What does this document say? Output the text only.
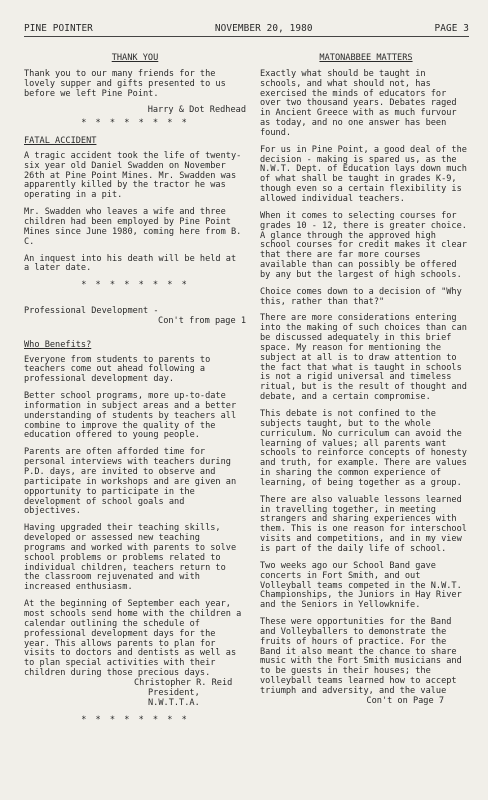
PINE POINTER	NOVEMBER 20, 1980	PAGE 3
THANK YOU

Thank you to our many friends for the lovely supper and gifts presented to us before we left Pine Point.

Harry & Dot Redhead

* * * * * * * *
FATAL ACCIDENT

A tragic accident took the life of twenty-six year old Daniel Swadden on November 26th at Pine Point Mines. Mr. Swadden was apparently killed by the tractor he was operating in a pit.

Mr. Swadden who leaves a wife and three children had been employed by Pine Point Mines since June 1980, coming here from B. C.

An inquest into his death will be held at a later date.

* * * * * * * *

Professional Development -

Con't from page 1

Who Benefits?

Everyone from students to parents to teachers come out ahead following a professional development day.

Better school programs, more up-to-date information in subject areas and a better understanding of students by teachers all combine to improve the quality of the education offered to young people.

Parents are often afforded time for personal interviews with teachers during P.D. days, are invited to observe and participate in workshops and are given an opportunity to participate in the development of school goals and objectives.

Having upgraded their teaching skills, developed or assessed new teaching programs and worked with parents to solve school problems or problems related to individual children, teachers return to the classroom rejuvenated and with increased enthusiasm.

At the beginning of September each year, most schools send home with the children a calendar outlining the schedule of professional development days for the year. This allows parents to plan for visits to doctors and dentists as well as to plan special activities with their children during those precious days.

Christopher R. Reid

President,

N.W.T.T.A.

* * * * * * * *
MATONABBEE MATTERS

Exactly what should be taught in schools, and what should not, has exercised the minds of educators for over two thousand years. Debates raged in Ancient Greece with as much furvour as today, and no one answer has been found.

For us in Pine Point, a good deal of the decision - making is spared us, as the N.W.T. Dept. of Education lays down much of what shall be taught in grades K-9, though even so a certain flexibility is allowed individual teachers.

When it comes to selecting courses for grades 10 - 12, there is greater choice. A glance through the approved high school courses for credit makes it clear that there are far more courses available than can possibly be offered by any but the largest of high schools.

Choice comes down to a decision of "Why this, rather than that?"

There are more considerations entering into the making of such choices than can be discussed adequately in this brief space. My reason for mentioning the subject at all is to draw attention to the fact that what is taught in schools is not a rigid universal and timeless ritual, but is the result of thought and debate, and a certain compromise.

This debate is not confined to the subjects taught, but to the whole curriculum. No curriculum can avoid the learning of values; all parents want schools to reinforce concepts of honesty and truth, for example. There are values in sharing the common experience of learning, of being together as a group.

There are also valuable lessons learned in travelling together, in meeting strangers and sharing experiences with them. This is one reason for interschool visits and competitions, and in my view is part of the daily life of school.

Two weeks ago our School Band gave concerts in Fort Smith, and out Volleyball teams competed in the N.W.T. Championships, the Juniors in Hay River and the Seniors in Yellowknife.

These were opportunities for the Band and Volleyballers to demonstrate the fruits of hours of practice. For the Band it also meant the chance to share music with the Fort Smith musicians and to be guests in their houses; the volleyball teams learned how to accept triumph and adversity, and the value

Con't on Page 7
